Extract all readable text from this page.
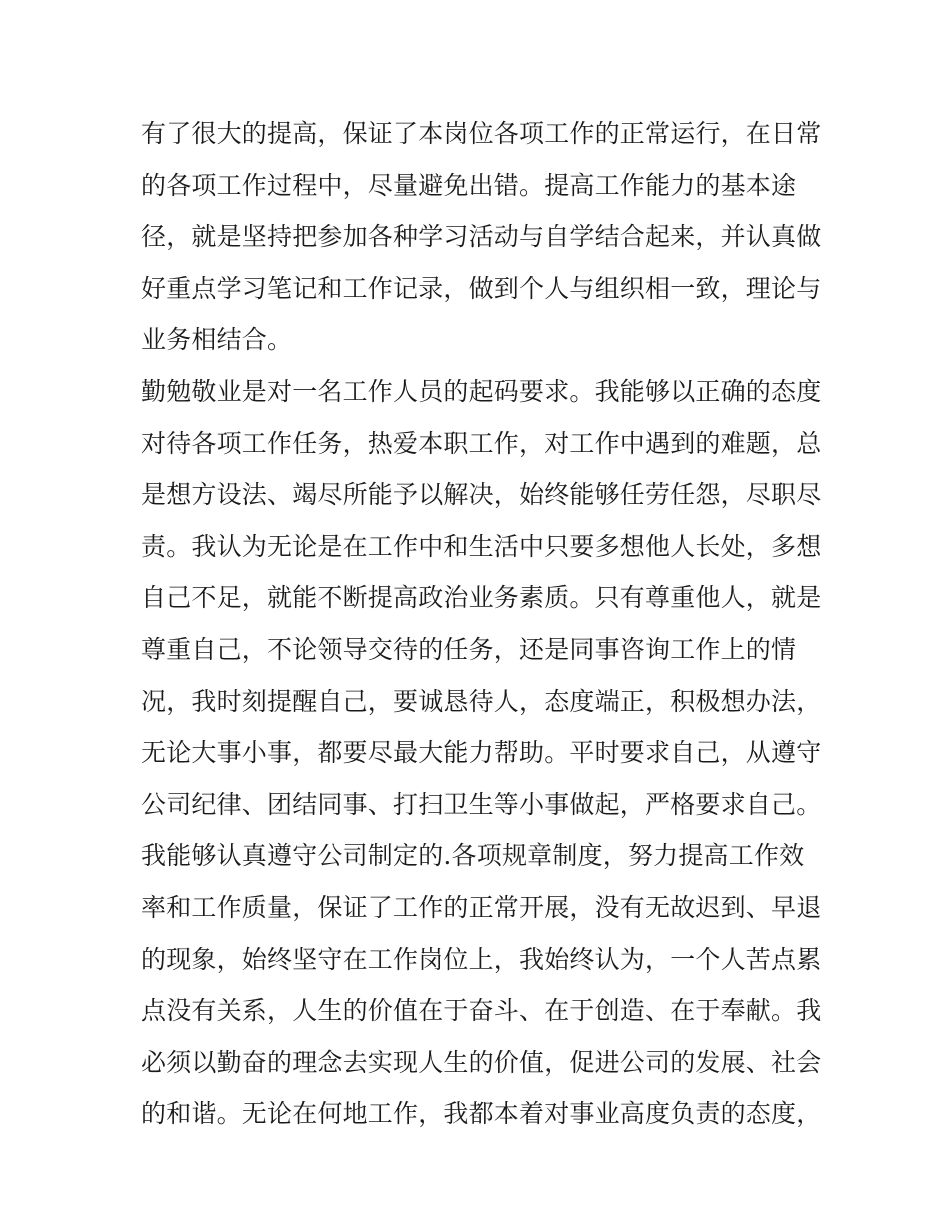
有了很大的提高，保证了本岗位各项工作的正常运行，在日常
的各项工作过程中，尽量避免出错。提高工作能力的基本途
径，就是坚持把参加各种学习活动与自学结合起来，并认真做
好重点学习笔记和工作记录，做到个人与组织相一致，理论与
业务相结合。
勤勉敬业是对一名工作人员的起码要求。我能够以正确的态度
对待各项工作任务，热爱本职工作，对工作中遇到的难题，总
是想方设法、竭尽所能予以解决，始终能够任劳任怨，尽职尽
责。我认为无论是在工作中和生活中只要多想他人长处，多想
自己不足，就能不断提高政治业务素质。只有尊重他人，就是
尊重自己，不论领导交待的任务，还是同事咨询工作上的情
况，我时刻提醒自己，要诚恳待人，态度端正，积极想办法，
无论大事小事，都要尽最大能力帮助。平时要求自己，从遵守
公司纪律、团结同事、打扫卫生等小事做起，严格要求自己。
我能够认真遵守公司制定的.各项规章制度，努力提高工作效
率和工作质量，保证了工作的正常开展，没有无故迟到、早退
的现象，始终坚守在工作岗位上，我始终认为，一个人苦点累
点没有关系，人生的价值在于奋斗、在于创造、在于奉献。我
必须以勤奋的理念去实现人生的价值，促进公司的发展、社会
的和谐。无论在何地工作，我都本着对事业高度负责的态度，
